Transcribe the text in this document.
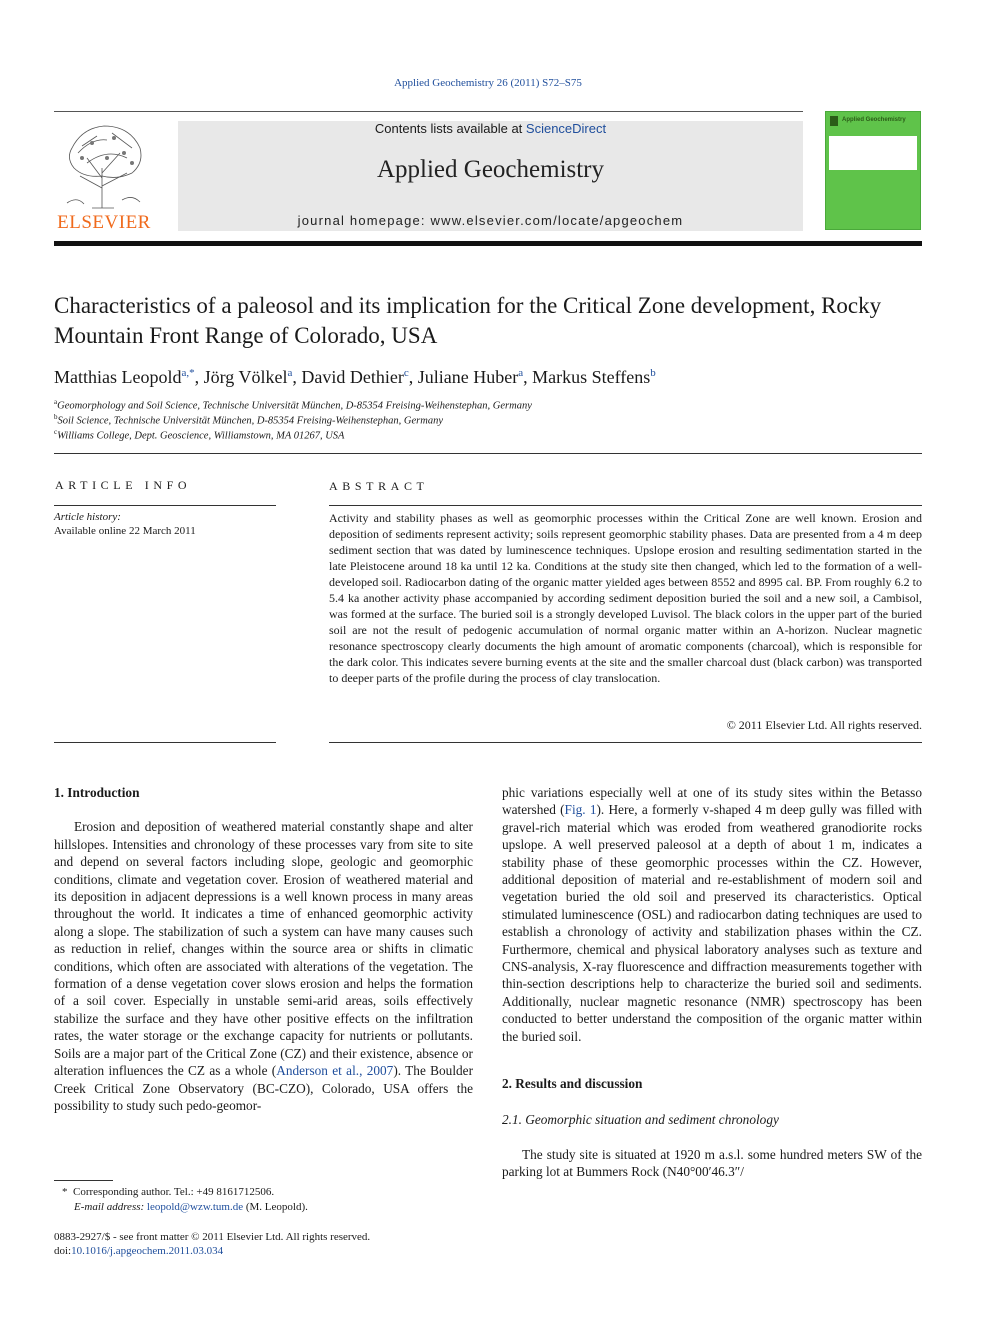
Applied Geochemistry 26 (2011) S72–S75
ELSEVIER
Contents lists available at ScienceDirect
Applied Geochemistry
journal homepage: www.elsevier.com/locate/apgeochem
Applied Geochemistry
Characteristics of a paleosol and its implication for the Critical Zone development, Rocky Mountain Front Range of Colorado, USA
Matthias Leopold$^{a,*}$, Jörg Völkel$^a$, David Dethier$^c$, Juliane Huber$^a$, Markus Steffens$^b$
$^a$Geomorphology and Soil Science, Technische Universität München, D-85354 Freising-Weihenstephan, Germany
$^b$Soil Science, Technische Universität München, D-85354 Freising-Weihenstephan, Germany
$^c$Williams College, Dept. Geoscience, Williamstown, MA 01267, USA
ARTICLE INFO	ABSTRACT
Article history:
Available online 22 March 2011
Activity and stability phases as well as geomorphic processes within the Critical Zone are well known. Erosion and deposition of sediments represent activity; soils represent geomorphic stability phases. Data are presented from a 4 m deep sediment section that was dated by luminescence techniques. Upslope erosion and resulting sedimentation started in the late Pleistocene around 18 ka until 12 ka. Conditions at the study site then changed, which led to the formation of a well-developed soil. Radiocarbon dating of the organic matter yielded ages between 8552 and 8995 cal. BP. From roughly 6.2 to 5.4 ka another activity phase accompanied by according sediment deposition buried the soil and a new soil, a Cambisol, was formed at the surface. The buried soil is a strongly developed Luvisol. The black colors in the upper part of the buried soil are not the result of pedogenic accumulation of normal organic matter within an A-horizon. Nuclear magnetic resonance spectroscopy clearly documents the high amount of aromatic components (charcoal), which is responsible for the dark color. This indicates severe burning events at the site and the smaller charcoal dust (black carbon) was transported to deeper parts of the profile during the process of clay translocation.
© 2011 Elsevier Ltd. All rights reserved.

1. Introduction

Erosion and deposition of weathered material constantly shape and alter hillslopes. Intensities and chronology of these processes vary from site to site and depend on several factors including slope, geologic and geomorphic conditions, climate and vegetation cover. Erosion of weathered material and its deposition in adjacent depressions is a well known process in many areas throughout the world. It indicates a time of enhanced geomorphic activity along a slope. The stabilization of such a system can have many causes such as reduction in relief, changes within the source area or shifts in climatic conditions, which often are associated with alterations of the vegetation. The formation of a dense vegetation cover slows erosion and helps the formation of a soil cover. Especially in unstable semi-arid areas, soils effectively stabilize the surface and they have other positive effects on the infiltration rates, the water storage or the exchange capacity for nutrients or pollutants. Soils are a major part of the Critical Zone (CZ) and their existence, absence or alteration influences the CZ as a whole (Anderson et al., 2007). The Boulder Creek Critical Zone Observatory (BC-CZO), Colorado, USA offers the possibility to study such pedo-geomor-

phic variations especially well at one of its study sites within the Betasso watershed (Fig. 1). Here, a formerly v-shaped 4 m deep gully was filled with gravel-rich material which was eroded from weathered granodiorite rocks upslope. A well preserved paleosol at a depth of about 1 m, indicates a stability phase of these geomorphic processes within the CZ. However, additional deposition of material and re-establishment of modern soil and vegetation buried the old soil and preserved its characteristics. Optical stimulated luminescence (OSL) and radiocarbon dating techniques are used to establish a chronology of activity and stabilization phases within the CZ. Furthermore, chemical and physical laboratory analyses such as texture and CNS-analysis, X-ray fluorescence and diffraction measurements together with thin-section descriptions help to characterize the buried soil and sediments. Additionally, nuclear magnetic resonance (NMR) spectroscopy has been conducted to better understand the composition of the organic matter within the buried soil.

2. Results and discussion

2.1. Geomorphic situation and sediment chronology

The study site is situated at 1920 m a.s.l. some hundred meters SW of the parking lot at Bummers Rock (N40°00′46.3″/

* Corresponding author. Tel.: +49 8161712506.
E-mail address: leopold@wzw.tum.de (M. Leopold).
0883-2927/$ - see front matter © 2011 Elsevier Ltd. All rights reserved.
doi:10.1016/j.apgeochem.2011.03.034
